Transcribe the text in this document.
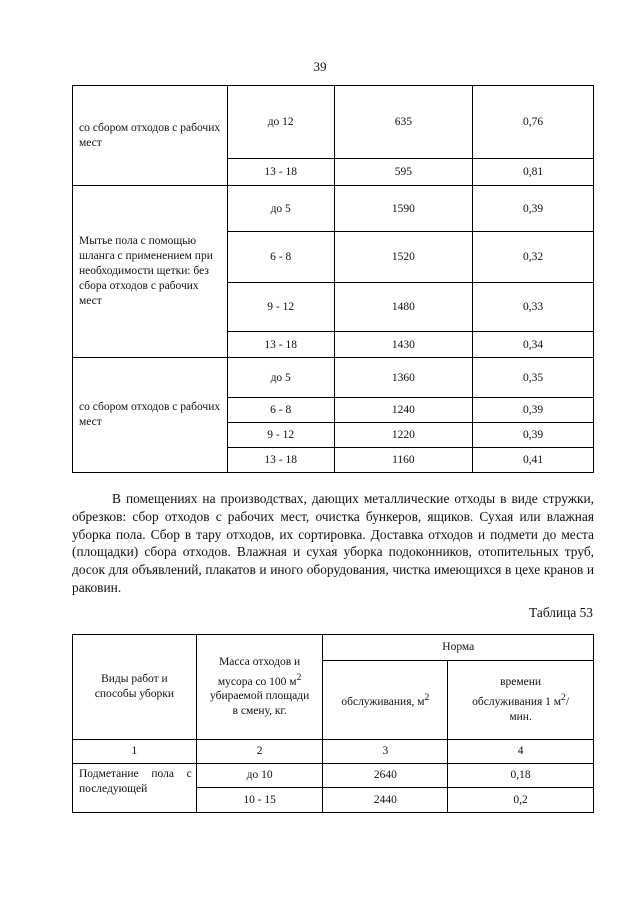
39
со сбором отходов с рабочих мест	до 12	635	0,76
	13 - 18	595	0,81
Мытье пола с помощью шланга с применением при необходимости щетки: без сбора отходов с рабочих мест	до 5	1590	0,39
	6 - 8	1520	0,32
	9 - 12	1480	0,33
	13 - 18	1430	0,34
со сбором отходов с рабочих мест	до 5	1360	0,35
	6 - 8	1240	0,39
	9 - 12	1220	0,39
	13 - 18	1160	0,41

В помещениях на производствах, дающих металлические отходы в виде стружки, обрезков: сбор отходов с рабочих мест, очистка бункеров, ящиков. Сухая или влажная уборка пола. Сбор в тару отходов, их сортировка. Доставка отходов и подмети до места (площадки) сбора отходов. Влажная и сухая уборка подоконников, отопительных труб, досок для объявлений, плакатов и иного оборудования, чистка имеющихся в цехе кранов и раковин.

Таблица 53
Виды работ и способы уборки	Масса отходов и мусора со 100 $м^2$ убираемой площади в смену, кг.	Норма	
		обслуживания, $м^2$	времени обслуживания 1 $м^2$/мин.
1	2	3	4
Подметание пола с последующей	до 10	2640	0,18
	10 - 15	2440	0,2
